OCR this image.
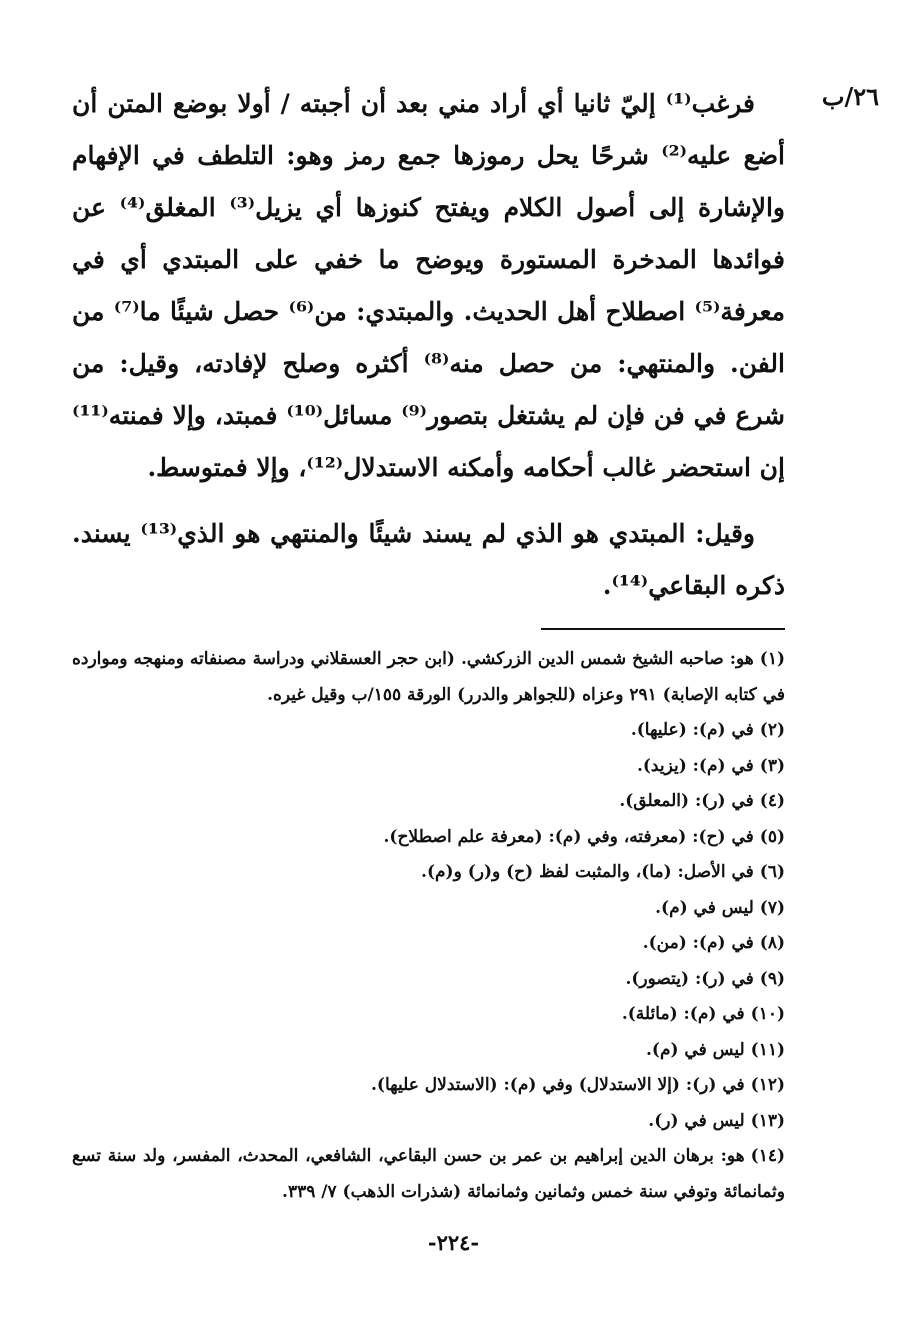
٢٦/ب

فرغب⁽¹⁾ إليّ ثانيا أي أراد مني بعد أن أجبته / أولا بوضع المتن أن أضع عليه⁽²⁾ شرحًا يحل رموزها جمع رمز وهو: التلطف في الإفهام والإشارة إلى أصول الكلام ويفتح كنوزها أي يزيل⁽³⁾ المغلق⁽⁴⁾ عن فوائدها المدخرة المستورة ويوضح ما خفي على المبتدي أي في معرفة⁽⁵⁾ اصطلاح أهل الحديث. والمبتدي: من⁽⁶⁾ حصل شيئًا ما⁽⁷⁾ من الفن. والمنتهي: من حصل منه⁽⁸⁾ أكثره وصلح لإفادته، وقيل: من شرع في فن فإن لم يشتغل بتصور⁽⁹⁾ مسائل⁽¹⁰⁾ فمبتد، وإلا فمنته⁽¹¹⁾ إن استحضر غالب أحكامه وأمكنه الاستدلال⁽¹²⁾، وإلا فمتوسط.

وقيل: المبتدي هو الذي لم يسند شيئًا والمنتهي هو الذي⁽¹³⁾ يسند. ذكره البقاعي⁽¹⁴⁾.

(١)هو: صاحبه الشيخ شمس الدين الزركشي. (ابن حجر العسقلاني ودراسة مصنفاته ومنهجه وموارده في كتابه الإصابة) ٢٩١ وعزاه (للجواهر والدرر) الورقة ١٥٥/ب وقيل غيره.

(٢)في (م): (عليها).

(٣)في (م): (يزيد).

(٤)في (ر): (المعلق).

(٥)في (ح): (معرفته، وفي (م): (معرفة علم اصطلاح).

(٦)في الأصل: (ما)، والمثبت لفظ (ح) و(ر) و(م).

(٧)ليس في (م).

(٨)في (م): (من).

(٩)في (ر): (يتصور).

(١٠)في (م): (مائلة).

(١١)ليس في (م).

(١٢)في (ر): (إلا الاستدلال) وفي (م): (الاستدلال عليها).

(١٣)ليس في (ر).

(١٤)هو: برهان الدين إبراهيم بن عمر بن حسن البقاعي، الشافعي، المحدث، المفسر، ولد سنة تسع وثمانمائة وتوفي سنة خمس وثمانين وثمانمائة (شذرات الذهب) ٧/ ٣٣٩.

-٢٢٤-
